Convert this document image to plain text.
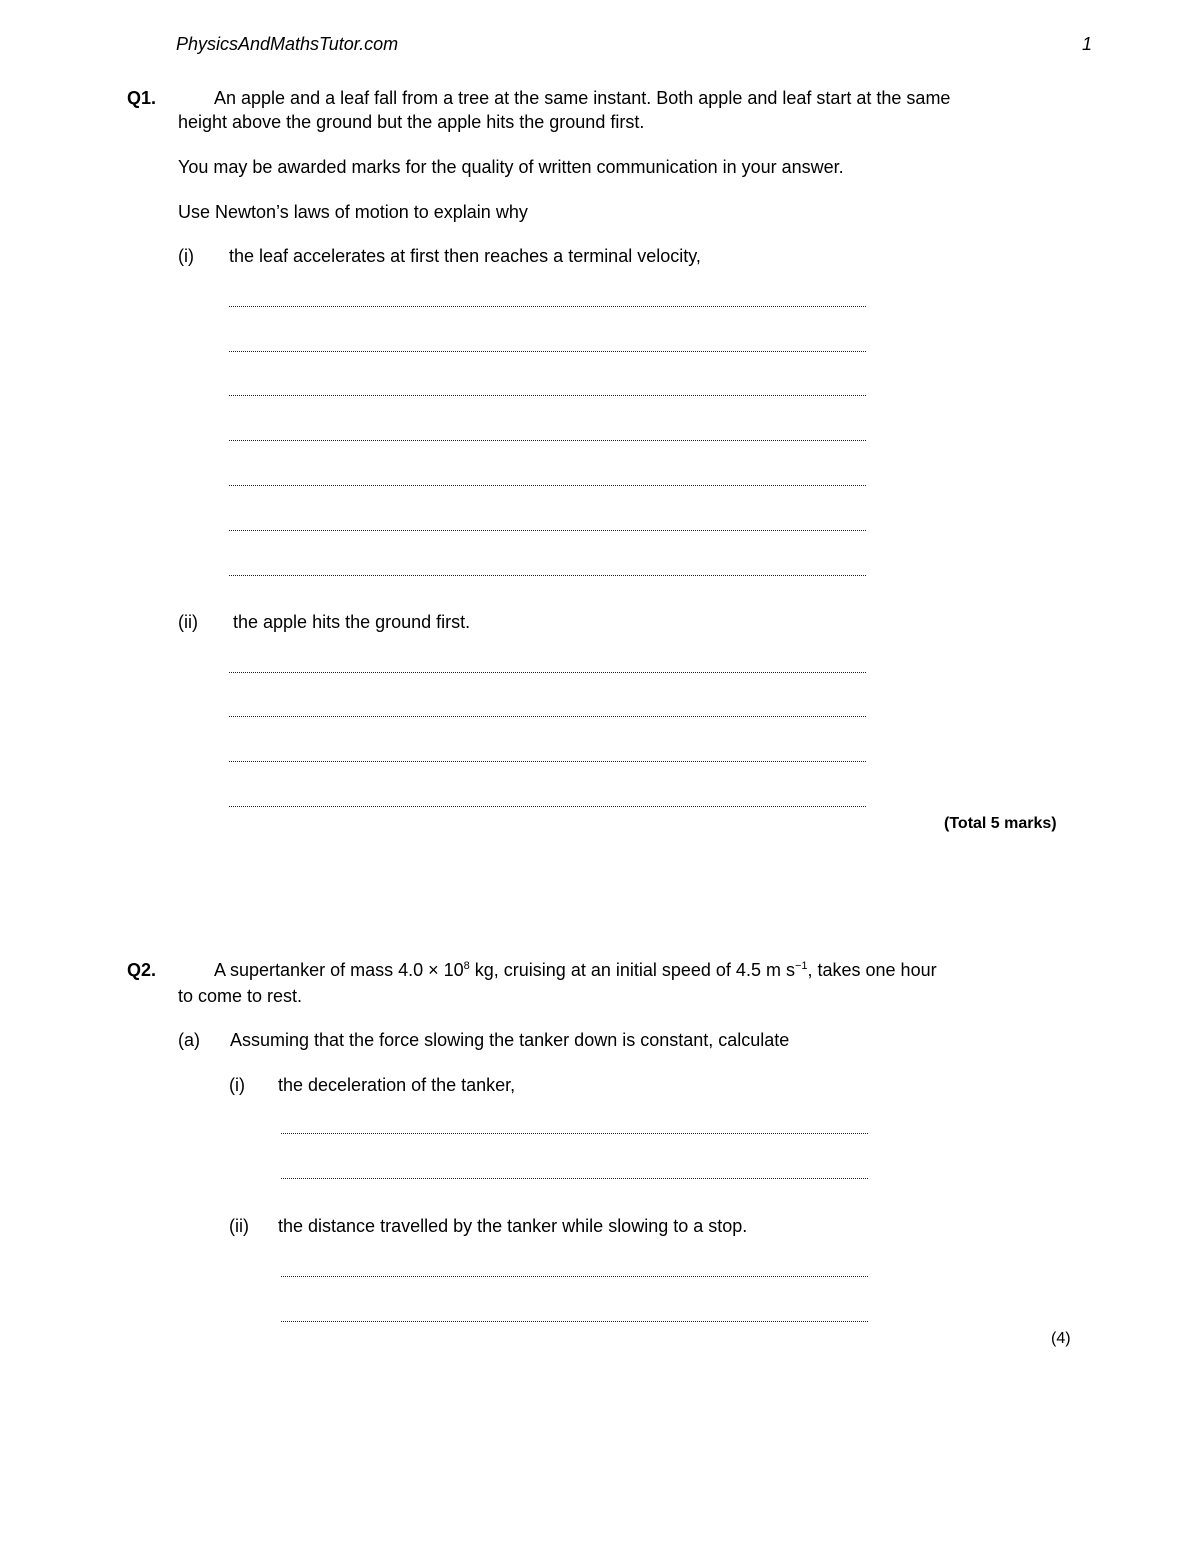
PhysicsAndMathsTutor.com	1
Q1.	An apple and a leaf fall from a tree at the same instant. Both apple and leaf start at the same
height above the ground but the apple hits the ground first.
You may be awarded marks for the quality of written communication in your answer.
Use Newton’s laws of motion to explain why
(i) the leaf accelerates at first then reaches a terminal velocity,
(ii) the apple hits the ground first.
(Total 5 marks)
Q2.	A supertanker of mass $4.0 \times 10^8$ kg, cruising at an initial speed of 4.5 m $s^{-1}$, takes one hour
to come to rest.
(a) Assuming that the force slowing the tanker down is constant, calculate
(i) the deceleration of the tanker,
(ii) the distance travelled by the tanker while slowing to a stop.
(4)
